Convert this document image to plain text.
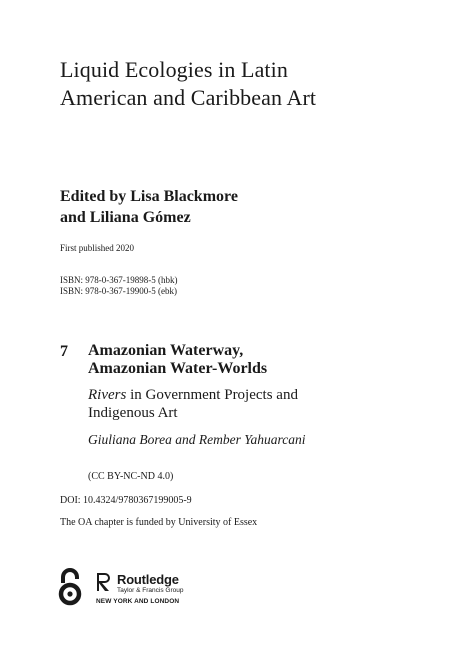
Liquid Ecologies in Latin
American and Caribbean Art

Edited by Lisa Blackmore
and Liliana Gómez

First published 2020

ISBN: 978-0-367-19898-5 (hbk)
ISBN: 978-0-367-19900-5 (ebk)

7 Amazonian Waterway,
Amazonian Water-Worlds

Rivers in Government Projects and
Indigenous Art

Giuliana Borea and Rember Yahuarcani

(CC BY-NC-ND 4.0)

DOI: 10.4324/9780367199005-9

The OA chapter is funded by University of Essex

Routledge
Taylor & Francis Group
NEW YORK AND LONDON
